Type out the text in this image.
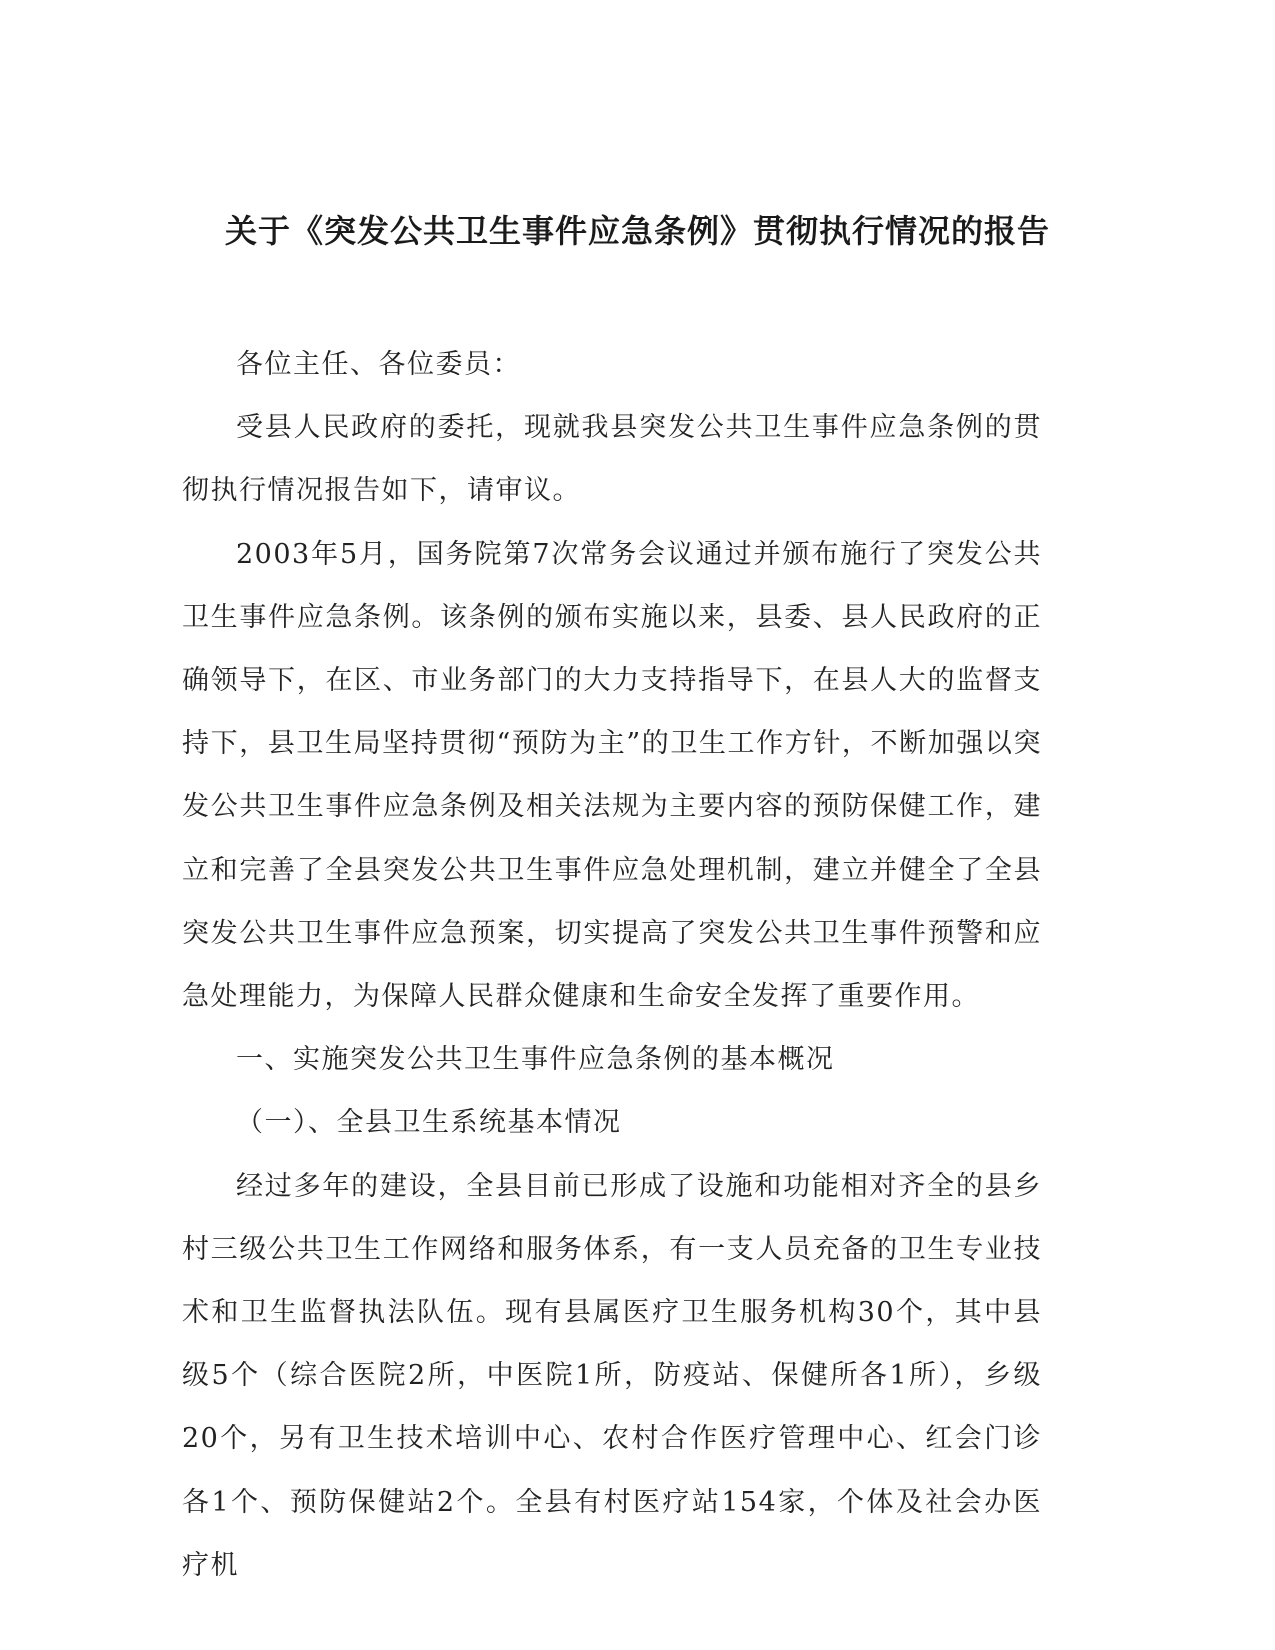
关于《突发公共卫生事件应急条例》贯彻执行情况的报告

各位主任、各位委员：

受县人民政府的委托，现就我县突发公共卫生事件应急条例的贯彻执行情况报告如下，请审议。

2003年5月，国务院第7次常务会议通过并颁布施行了突发公共卫生事件应急条例。该条例的颁布实施以来，县委、县人民政府的正确领导下，在区、市业务部门的大力支持指导下，在县人大的监督支持下，县卫生局坚持贯彻“预防为主”的卫生工作方针，不断加强以突发公共卫生事件应急条例及相关法规为主要内容的预防保健工作，建立和完善了全县突发公共卫生事件应急处理机制，建立并健全了全县突发公共卫生事件应急预案，切实提高了突发公共卫生事件预警和应急处理能力，为保障人民群众健康和生命安全发挥了重要作用。

一、实施突发公共卫生事件应急条例的基本概况

（一）、全县卫生系统基本情况

经过多年的建设，全县目前已形成了设施和功能相对齐全的县乡村三级公共卫生工作网络和服务体系，有一支人员充备的卫生专业技术和卫生监督执法队伍。现有县属医疗卫生服务机构30个，其中县级5个（综合医院2所，中医院1所，防疫站、保健所各1所），乡级20个，另有卫生技术培训中心、农村合作医疗管理中心、红会门诊各1个、预防保健站2个。全县有村医疗站154家，个体及社会办医疗机
